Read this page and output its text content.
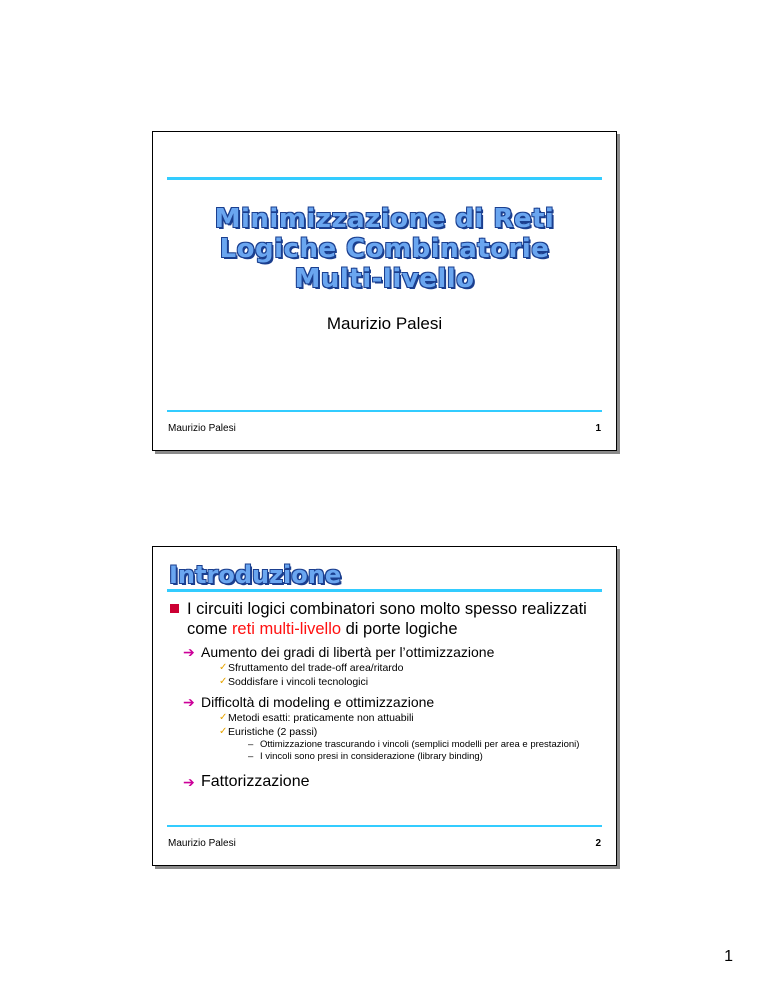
Minimizzazione di Reti
Logiche Combinatorie
Multi-livello
Maurizio Palesi
Maurizio Palesi	1
Introduzione
I circuiti logici combinatori sono molto spesso realizzati come reti multi-livello di porte logiche
➔ Aumento dei gradi di libertà per l’ottimizzazione
✓ Sfruttamento del trade-off area/ritardo
✓ Soddisfare i vincoli tecnologici
➔ Difficoltà di modeling e ottimizzazione
✓ Metodi esatti: praticamente non attuabili
✓ Euristiche (2 passi)
– Ottimizzazione trascurando i vincoli (semplici modelli per area e prestazioni)
– I vincoli sono presi in considerazione (library binding)
➔ Fattorizzazione
Maurizio Palesi	2
1
